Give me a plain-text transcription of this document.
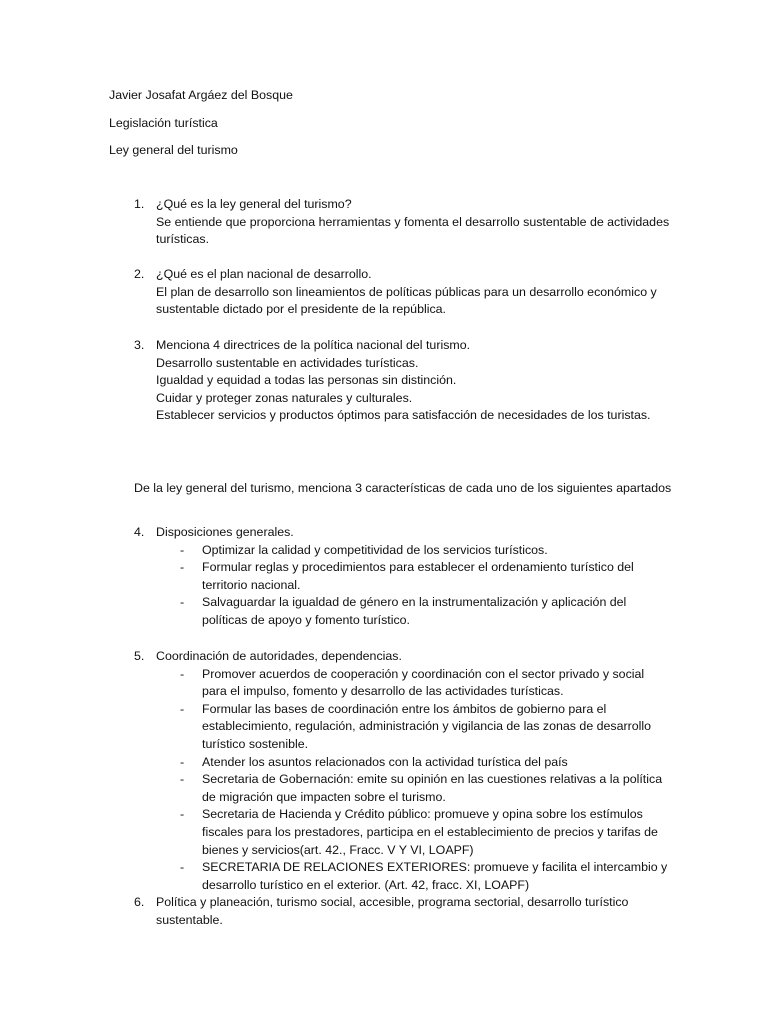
Javier Josafat Argáez del Bosque
Legislación turística
Ley general del turismo
1. ¿Qué es la ley general del turismo?
Se entiende que proporciona herramientas y fomenta el desarrollo sustentable de actividades turísticas.
2. ¿Qué es el plan nacional de desarrollo.
El plan de desarrollo son lineamientos de políticas públicas para un desarrollo económico y sustentable dictado por el presidente de la república.
3. Menciona 4 directrices de la política nacional del turismo.
Desarrollo sustentable en actividades turísticas.
Igualdad y equidad a todas las personas sin distinción.
Cuidar y proteger zonas naturales y culturales.
Establecer servicios y productos óptimos para satisfacción de necesidades de los turistas.
De la ley general del turismo, menciona 3 características de cada uno de los siguientes apartados
4. Disposiciones generales.
- Optimizar la calidad y competitividad de los servicios turísticos.
- Formular reglas y procedimientos para establecer el ordenamiento turístico del territorio nacional.
- Salvaguardar la igualdad de género en la instrumentalización y aplicación del políticas de apoyo y fomento turístico.
5. Coordinación de autoridades, dependencias.
- Promover acuerdos de cooperación y coordinación con el sector privado y social para el impulso, fomento y desarrollo de las actividades turísticas.
- Formular las bases de coordinación entre los ámbitos de gobierno para el establecimiento, regulación, administración y vigilancia de las zonas de desarrollo turístico sostenible.
- Atender los asuntos relacionados con la actividad turística del país
- Secretaria de Gobernación: emite su opinión en las cuestiones relativas a la política de migración que impacten sobre el turismo.
- Secretaria de Hacienda y Crédito público: promueve y opina sobre los estímulos fiscales para los prestadores, participa en el establecimiento de precios y tarifas de bienes y servicios(art. 42., Fracc. V Y VI, LOAPF)
- SECRETARIA DE RELACIONES EXTERIORES: promueve y facilita el intercambio y desarrollo turístico en el exterior. (Art. 42, fracc. XI, LOAPF)
6. Política y planeación, turismo social, accesible, programa sectorial, desarrollo turístico sustentable.
